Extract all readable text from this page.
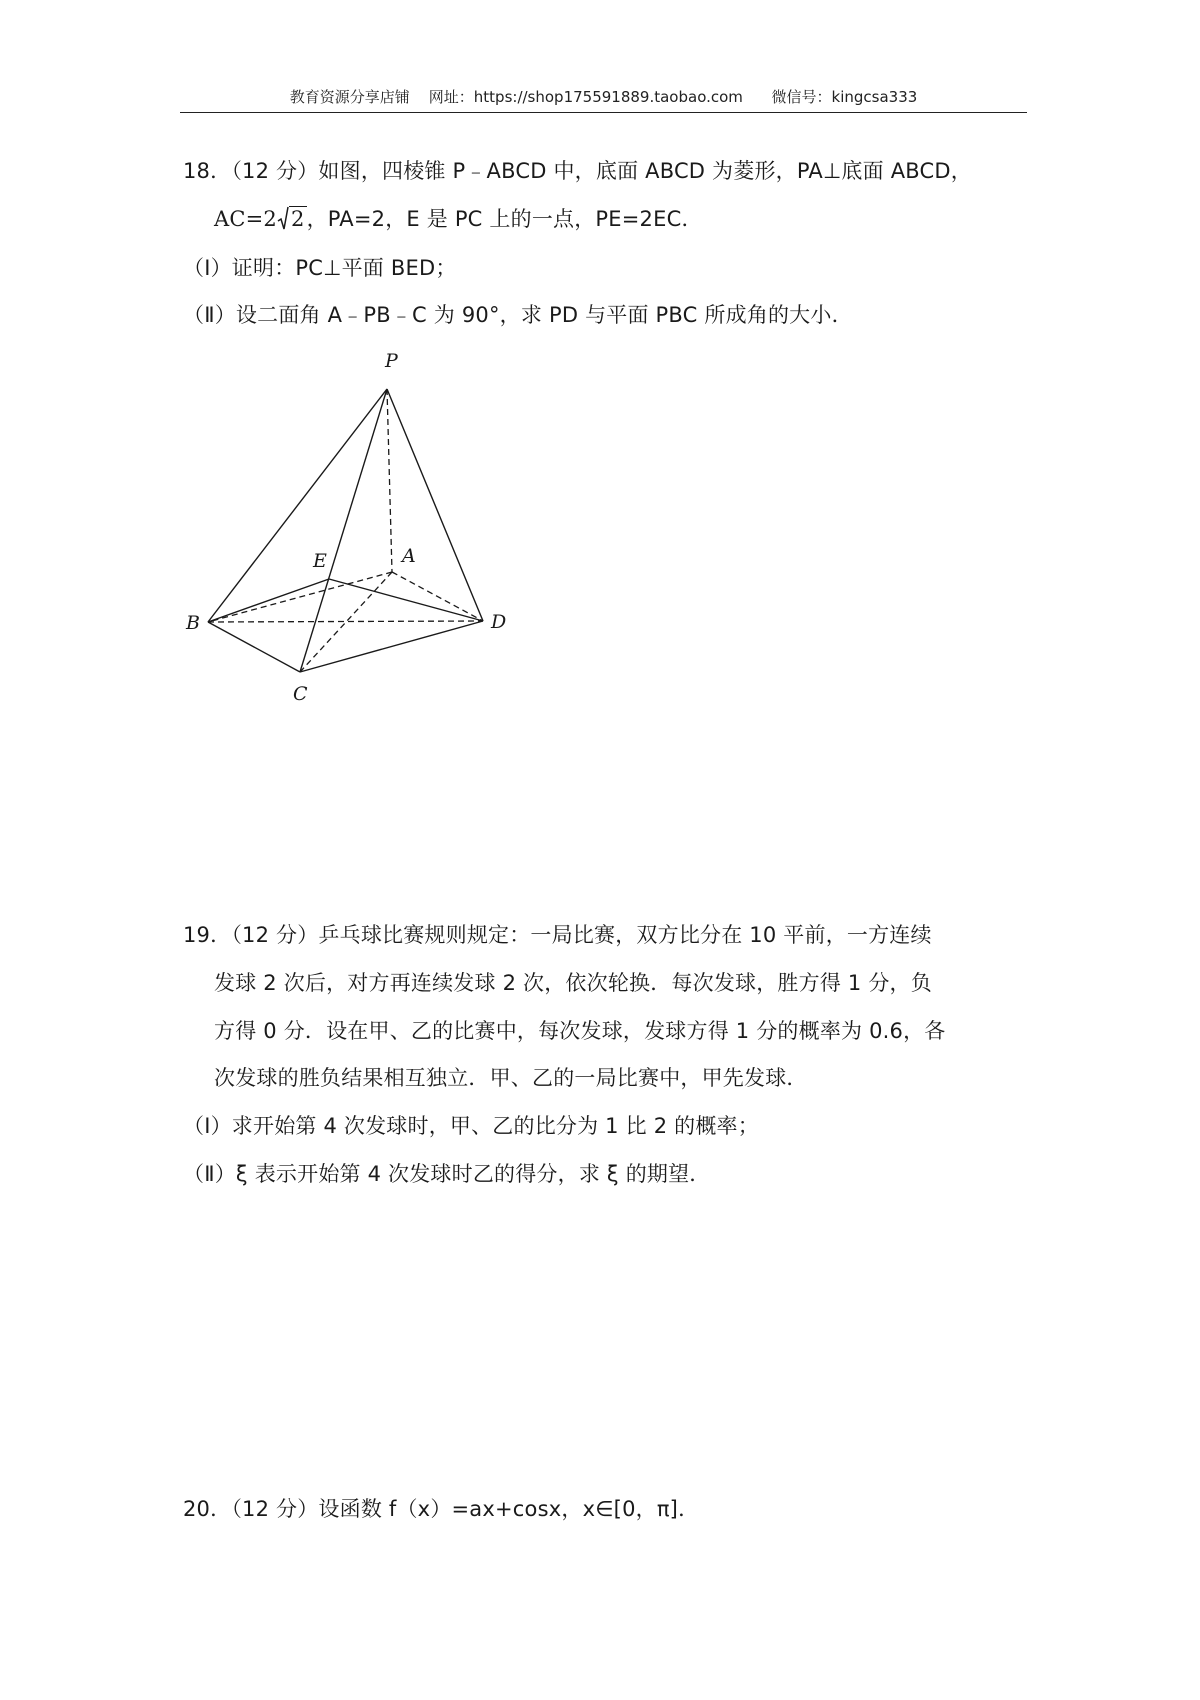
教育资源分享店铺 网址：https://shop175591889.taobao.com 微信号：kingcsa333
18．（12 分）如图，四棱锥 P﹣ABCD 中，底面 ABCD 为菱形，PA⊥底面 ABCD，
AC=2 2，PA=2，E 是 PC 上的一点，PE=2EC．
（Ⅰ）证明：PC⊥平面 BED；
（Ⅱ）设二面角 A﹣PB﹣C 为 90°，求 PD 与平面 PBC 所成角的大小．
P
E	A
B	D
C
19．（12 分）乒乓球比赛规则规定：一局比赛，双方比分在 10 平前，一方连续
发球 2 次后，对方再连续发球 2 次，依次轮换．每次发球，胜方得 1 分，负
方得 0 分．设在甲、乙的比赛中，每次发球，发球方得 1 分的概率为 0.6，各
次发球的胜负结果相互独立．甲、乙的一局比赛中，甲先发球．
（Ⅰ）求开始第 4 次发球时，甲、乙的比分为 1 比 2 的概率；
（Ⅱ）ξ 表示开始第 4 次发球时乙的得分，求 ξ 的期望．
20．（12 分）设函数 f（x）=ax+cosx，x∈[0，π]．
